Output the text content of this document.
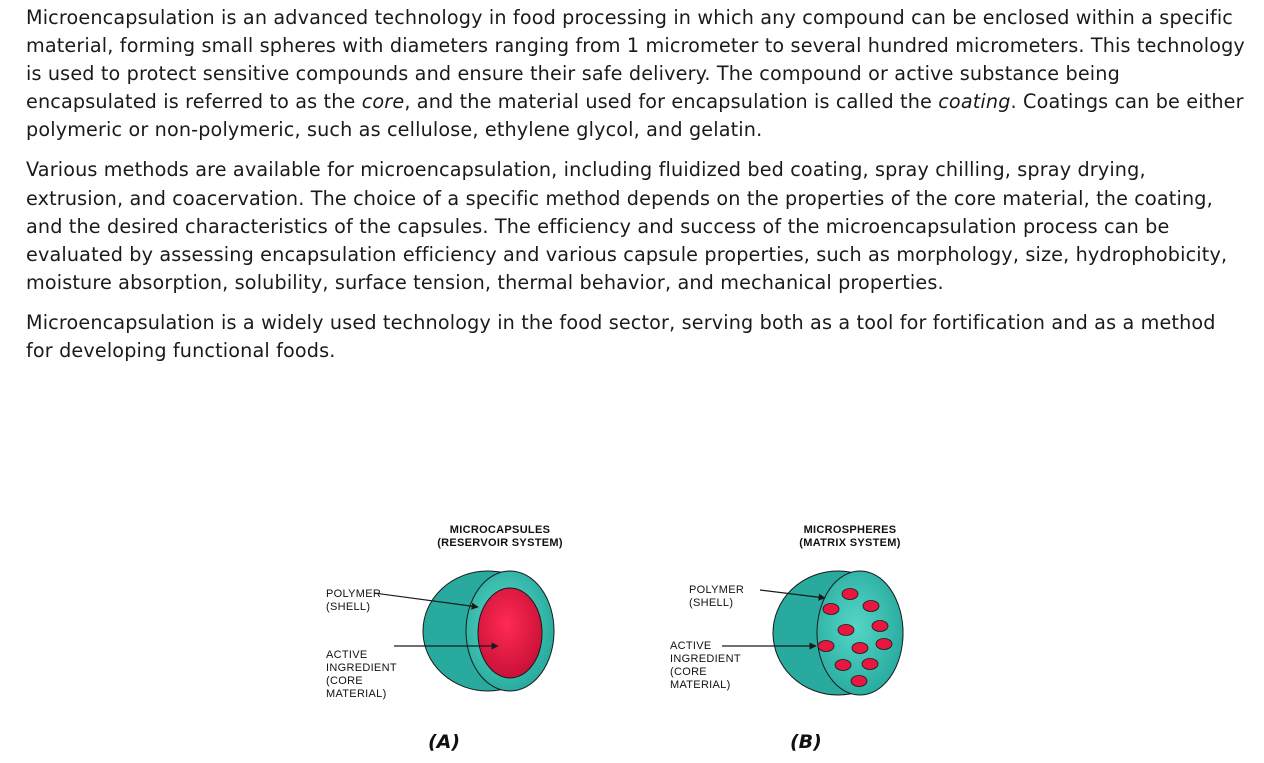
Microencapsulation is an advanced technology in food processing in which any compound can be enclosed within a specific material, forming small spheres with diameters ranging from 1 micrometer to several hundred micrometers. This technology is used to protect sensitive compounds and ensure their safe delivery. The compound or active substance being encapsulated is referred to as the core, and the material used for encapsulation is called the coating. Coatings can be either polymeric or non-polymeric, such as cellulose, ethylene glycol, and gelatin.

Various methods are available for microencapsulation, including fluidized bed coating, spray chilling, spray drying, extrusion, and coacervation. The choice of a specific method depends on the properties of the core material, the coating, and the desired characteristics of the capsules. The efficiency and success of the microencapsulation process can be evaluated by assessing encapsulation efficiency and various capsule properties, such as morphology, size, hydrophobicity, moisture absorption, solubility, surface tension, thermal behavior, and mechanical properties.

Microencapsulation is a widely used technology in the food sector, serving both as a tool for fortification and as a method for developing functional foods.

MICROCAPSULES
(RESERVOIR SYSTEM)
MICROSPHERES
(MATRIX SYSTEM)
POLYMER
(SHELL)
ACTIVE
INGREDIENT
(CORE
MATERIAL)
POLYMER
(SHELL)
ACTIVE
INGREDIENT
(CORE
MATERIAL)
(A)	(B)
